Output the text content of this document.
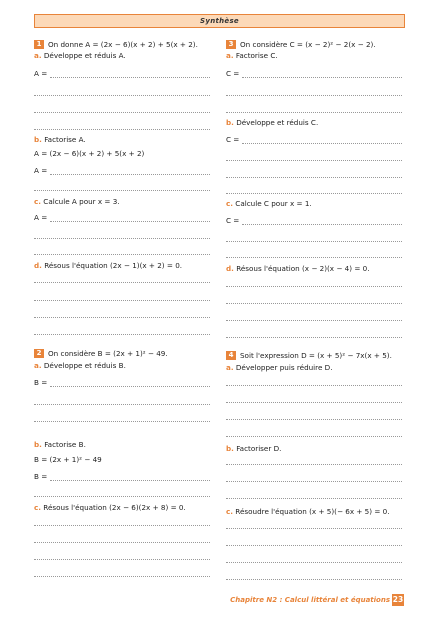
Synthèse
1 On donne A = (2x − 6)(x + 2) + 5(x + 2).
a. Développe et réduis A.
A =
b. Factorise A.
A = (2x − 6)(x + 2) + 5(x + 2)
A =
c. Calcule A pour x = 3.
A =
d. Résous l'équation (2x − 1)(x + 2) = 0.
2 On considère B = (2x + 1)² − 49.
a. Développe et réduis B.
B =
b. Factorise B.
B = (2x + 1)² − 49
B =
c. Résous l'équation (2x − 6)(2x + 8) = 0.
3 On considère C = (x − 2)² − 2(x − 2).
a. Factorise C.
C =
b. Développe et réduis C.
C =
c. Calcule C pour x = 1.
C =
d. Résous l'équation (x − 2)(x − 4) = 0.
4 Soit l'expression D = (x + 5)² − 7x(x + 5).
a. Développer puis réduire D.
b. Factoriser D.
c. Résoudre l'équation (x + 5)(− 6x + 5) = 0.
Chapitre N2 : Calcul littéral et équations 23
